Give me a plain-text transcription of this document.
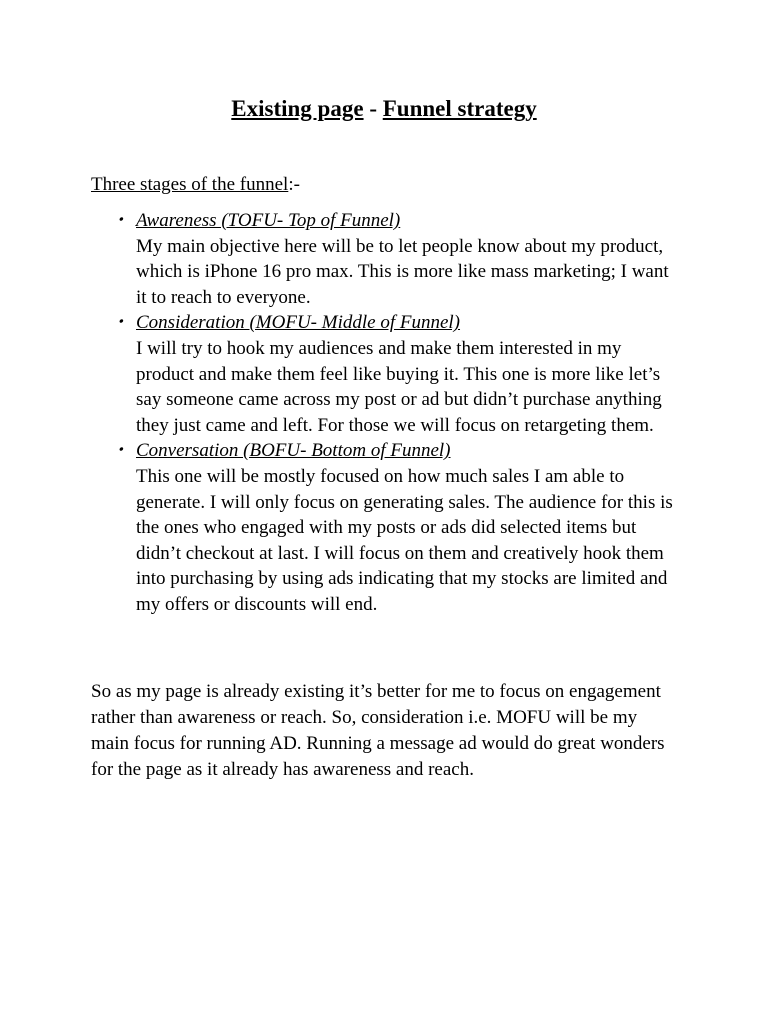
Existing page - Funnel strategy

Three stages of the funnel:-

• Awareness (TOFU- Top of Funnel)
My main objective here will be to let people know about my product, which is iPhone 16 pro max. This is more like mass marketing; I want it to reach to everyone.
• Consideration (MOFU- Middle of Funnel)
I will try to hook my audiences and make them interested in my product and make them feel like buying it. This one is more like let’s say someone came across my post or ad but didn’t purchase anything they just came and left. For those we will focus on retargeting them.
• Conversation (BOFU- Bottom of Funnel)
This one will be mostly focused on how much sales I am able to generate. I will only focus on generating sales. The audience for this is the ones who engaged with my posts or ads did selected items but didn’t checkout at last. I will focus on them and creatively hook them into purchasing by using ads indicating that my stocks are limited and my offers or discounts will end.

So as my page is already existing it’s better for me to focus on engagement rather than awareness or reach. So, consideration i.e. MOFU will be my main focus for running AD. Running a message ad would do great wonders for the page as it already has awareness and reach.
